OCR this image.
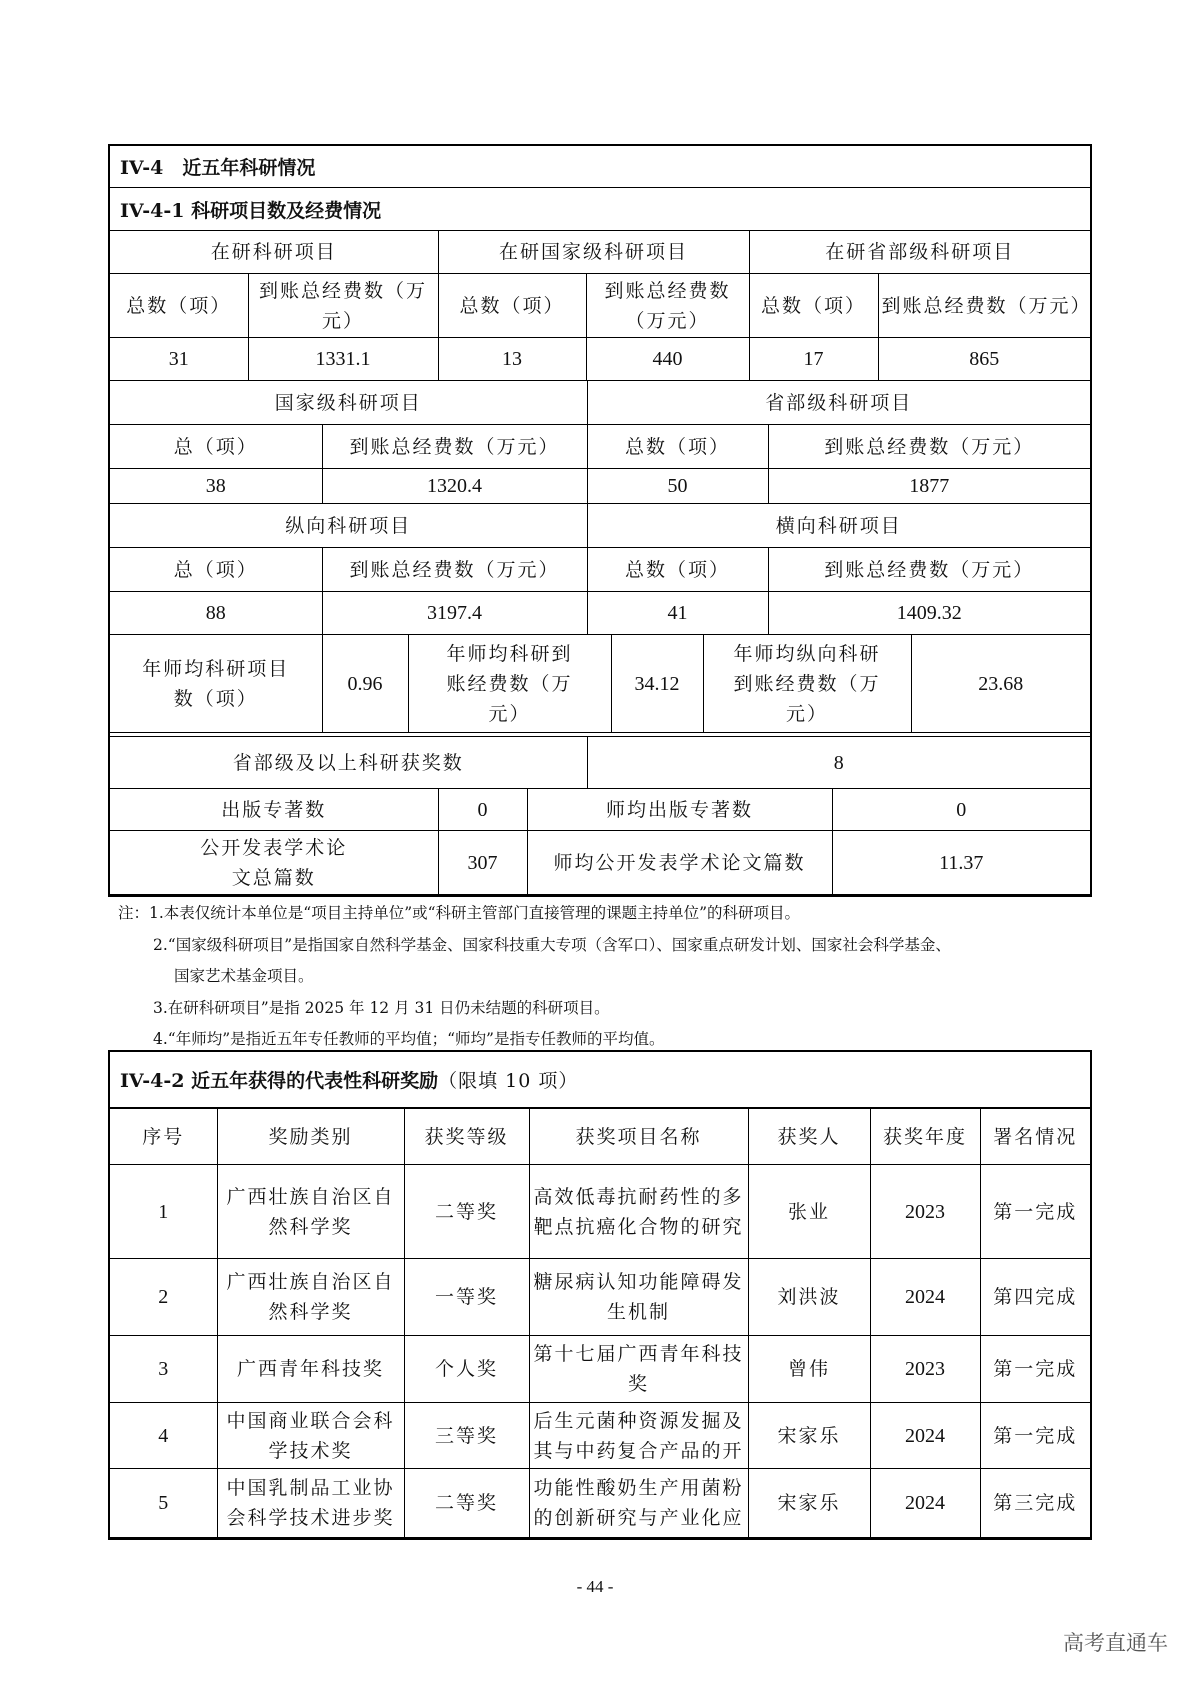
IV-4　近五年科研情况
IV-4-1 科研项目数及经费情况
在研科研项目		在研国家级科研项目		在研省部级科研项目	
总数（项）	到账总经费数（万元）	总数（项）	到账总经费数（万元）	总数（项）	到账总经费数（万元）
31	1331.1	13	440	17	865
国家级科研项目		省部级科研项目	
总（项）	到账总经费数（万元）	总数（项）	到账总经费数（万元）
38	1320.4	50	1877
纵向科研项目		横向科研项目	
总（项）	到账总经费数（万元）	总数（项）	到账总经费数（万元）
88	3197.4	41	1409.32
年师均科研项目数（项）	0.96	年师均科研到账经费数（万元）	34.12	年师均纵向科研到账经费数（万元）	23.68
省部级及以上科研获奖数	8
出版专著数	0	师均出版专著数	0
公开发表学术论文总篇数	307	师均公开发表学术论文篇数	11.37
注：1.本表仅统计本单位是“项目主持单位”或“科研主管部门直接管理的课题主持单位”的科研项目。
2.“国家级科研项目”是指国家自然科学基金、国家科技重大专项（含军口）、国家重点研发计划、国家社会科学基金、
国家艺术基金项目。
3.在研科研项目”是指 2025 年 12 月 31 日仍未结题的科研项目。
4.“年师均”是指近五年专任教师的平均值；“师均”是指专任教师的平均值。
IV-4-2 近五年获得的代表性科研奖励 （限填 10 项）
序号	奖励类别	获奖等级	获奖项目名称	获奖人	获奖年度	署名情况
1	广西壮族自治区自然科学奖	二等奖	高效低毒抗耐药性的多靶点抗癌化合物的研究	张业	2023	第一完成
2	广西壮族自治区自然科学奖	一等奖	糖尿病认知功能障碍发生机制	刘洪波	2024	第四完成
3	广西青年科技奖	个人奖	第十七届广西青年科技奖	曾伟	2023	第一完成
4	中国商业联合会科学技术奖	三等奖	后生元菌种资源发掘及其与中药复合产品的开	宋家乐	2024	第一完成
5	中国乳制品工业协会科学技术进步奖	二等奖	功能性酸奶生产用菌粉的创新研究与产业化应	宋家乐	2024	第三完成
- 44 -
高考直通车
